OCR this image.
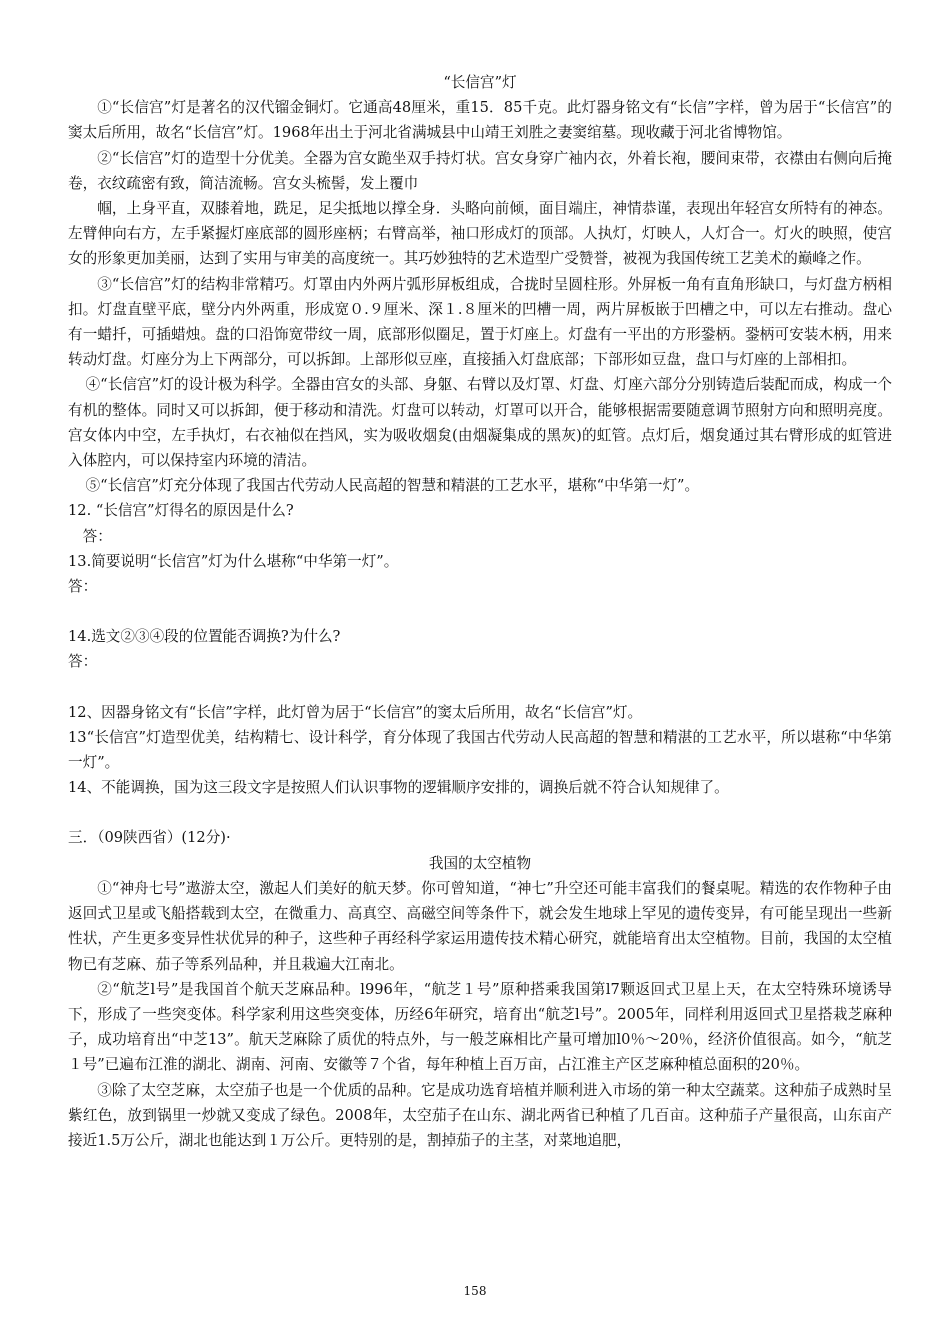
“长信宫”灯
①“长信宫”灯是著名的汉代镏金铜灯。它通高48厘米，重15．85千克。此灯器身铭文有“长信”字样，曾为居于“长信宫”的窦太后所用，故名“长信宫”灯。1968年出土于河北省满城县中山靖王刘胜之妻窦绾墓。现收藏于河北省博物馆。
②“长信宫”灯的造型十分优美。全器为宫女跪坐双手持灯状。宫女身穿广袖内衣，外着长袍，腰间束带，衣襟由右侧向后掩卷，衣纹疏密有致，简洁流畅。宫女头梳髻，发上覆巾
帼，上身平直，双膝着地，跣足，足尖抵地以撑全身．头略向前倾，面目端庄，神情恭谨，表现出年轻宫女所特有的神态。左臂伸向右方，左手紧握灯座底部的圆形座柄；右臂高举，袖口形成灯的顶部。人执灯，灯映人，人灯合一。灯火的映照，使宫女的形象更加美丽，达到了实用与审美的高度统一。其巧妙独特的艺术造型广受赞誉，被视为我国传统工艺美术的巅峰之作。
③“长信宫”灯的结构非常精巧。灯罩由内外两片弧形屏板组成，合拢时呈圆柱形。外屏板一角有直角形缺口，与灯盘方柄相扣。灯盘直壁平底，壁分内外两重，形成宽０.９厘米、深１.８厘米的凹槽一周，两片屏板嵌于凹槽之中，可以左右推动。盘心有一蜡扦，可插蜡烛。盘的口沿饰宽带纹一周，底部形似圈足，置于灯座上。灯盘有一平出的方形銎柄。銎柄可安装木柄，用来转动灯盘。灯座分为上下两部分，可以拆卸。上部形似豆座，直接插入灯盘底部；下部形如豆盘，盘口与灯座的上部相扣。
④“长信宫”灯的设计极为科学。全器由宫女的头部、身躯、右臂以及灯罩、灯盘、灯座六部分分别铸造后装配而成，构成一个有机的整体。同时又可以拆卸，便于移动和清洗。灯盘可以转动，灯罩可以开合，能够根据需要随意调节照射方向和照明亮度。宫女体内中空，左手执灯，右衣袖似在挡风，实为吸收烟炱(由烟凝集成的黑灰)的虹管。点灯后，烟炱通过其右臂形成的虹管进入体腔内，可以保持室内环境的清洁。
⑤“长信宫”灯充分体现了我国古代劳动人民高超的智慧和精湛的工艺水平，堪称“中华第一灯”。
12. “长信宫”灯得名的原因是什么?
答：
13.简要说明“长信宫”灯为什么堪称“中华第一灯”。
答：
14.选文②③④段的位置能否调换?为什么?
答：
12、因器身铭文有“长信”字样，此灯曾为居于“长信宫”的窦太后所用，故名“长信宫”灯。
13“长信宫”灯造型优美，结构精七、设计科学，育分体现了我国古代劳动人民高超的智慧和精湛的工艺水平，所以堪称“中华第一灯”。
14、不能调换，国为这三段文字是按照人们认识事物的逻辑顺序安排的，调换后就不符合认知规律了。
三．（09陕西省）(12分)·
我国的太空植物
①“神舟七号”遨游太空，激起人们美好的航天梦。你可曾知道，“神七”升空还可能丰富我们的餐桌呢。精选的农作物种子由返回式卫星或飞船搭载到太空，在微重力、高真空、高磁空间等条件下，就会发生地球上罕见的遗传变异，有可能呈现出一些新性状，产生更多变异性状优异的种子，这些种子再经科学家运用遗传技术精心研究，就能培育出太空植物。目前，我国的太空植物已有芝麻、茄子等系列品种，并且栽遍大江南北。
②“航芝l号”是我国首个航天芝麻品种。l996年，“航芝１号”原种搭乘我国第l7颗返回式卫星上天，在太空特殊环境诱导下，形成了一些突变体。科学家利用这些突变体，历经6年研究，培育出“航芝l号”。2005年，同样利用返回式卫星搭栽芝麻种子，成功培育出“中芝13”。航天芝麻除了质优的特点外，与一般芝麻相比产量可增加l0％～20％，经济价值很高。如今，“航芝１号”已遍布江淮的湖北、湖南、河南、安徽等７个省，每年种植上百万亩，占江淮主产区芝麻种植总面积的20％。
③除了太空芝麻，太空茄子也是一个优质的品种。它是成功选育培植并顺利进入市场的第一种太空蔬菜。这种茄子成熟时呈紫红色，放到锅里一炒就又变成了绿色。2008年，太空茄子在山东、湖北两省已种植了几百亩。这种茄子产量很高，山东亩产接近1.5万公斤，湖北也能达到１万公斤。更特别的是，割掉茄子的主茎，对菜地追肥，
158
